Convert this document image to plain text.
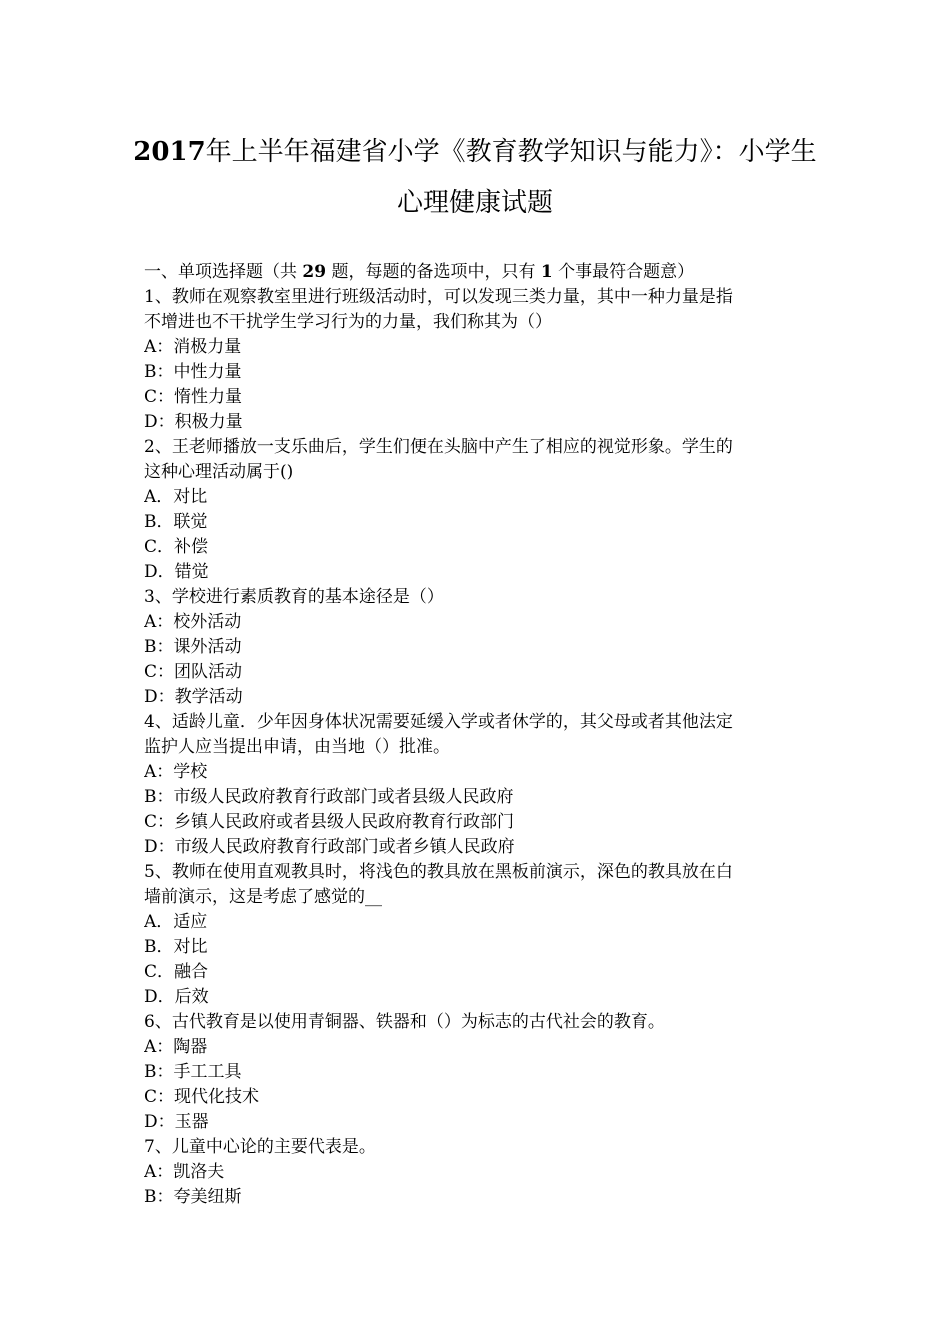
2017年上半年福建省小学《教育教学知识与能力》：小学生
心理健康试题
一、单项选择题（共 29 题，每题的备选项中，只有 1 个事最符合题意）
1、教师在观察教室里进行班级活动时，可以发现三类力量，其中一种力量是指
不增进也不干扰学生学习行为的力量，我们称其为（）
A：消极力量
B：中性力量
C：惰性力量
D：积极力量
2、王老师播放一支乐曲后，学生们便在头脑中产生了相应的视觉形象。学生的
这种心理活动属于()
A．对比
B．联觉
C．补偿
D．错觉
3、学校进行素质教育的基本途径是（）
A：校外活动
B：课外活动
C：团队活动
D：教学活动
4、适龄儿童．少年因身体状况需要延缓入学或者休学的，其父母或者其他法定
监护人应当提出申请，由当地（）批准。
A：学校
B：市级人民政府教育行政部门或者县级人民政府
C：乡镇人民政府或者县级人民政府教育行政部门
D：市级人民政府教育行政部门或者乡镇人民政府
5、教师在使用直观教具时，将浅色的教具放在黑板前演示，深色的教具放在白
墙前演示，这是考虑了感觉的__
A．适应
B．对比
C．融合
D．后效
6、古代教育是以使用青铜器、铁器和（）为标志的古代社会的教育。
A：陶器
B：手工工具
C：现代化技术
D：玉器
7、儿童中心论的主要代表是。
A：凯洛夫
B：夸美纽斯
